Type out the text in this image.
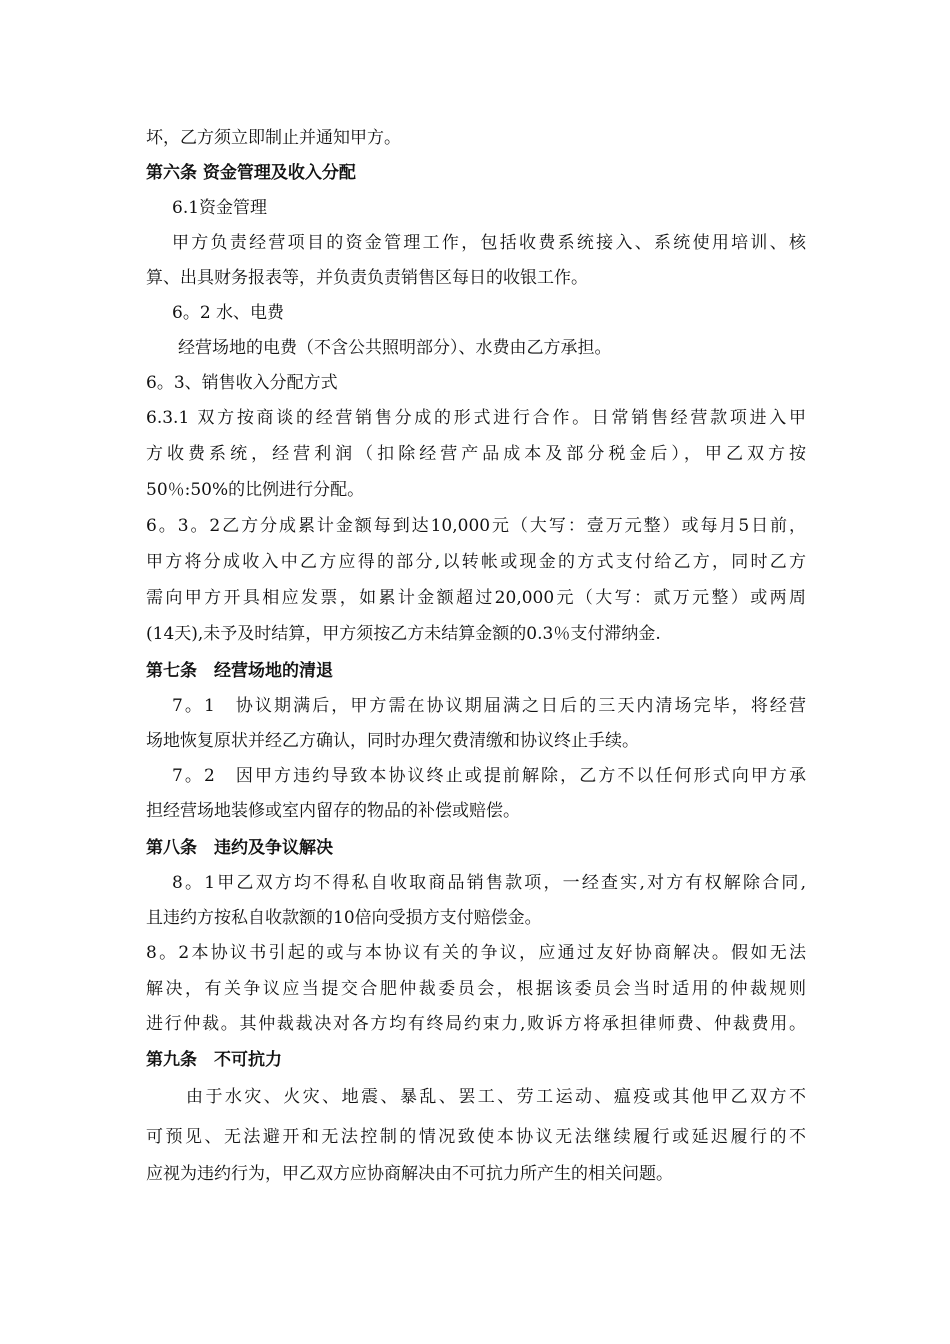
坏，乙方须立即制止并通知甲方。
第六条 资金管理及收入分配
6.1资金管理
甲方负责经营项目的资金管理工作，包括收费系统接入、系统使用培训、核
算、出具财务报表等，并负责负责销售区每日的收银工作。
6。2 水、电费
经营场地的电费（不含公共照明部分）、水费由乙方承担。
6。3、销售收入分配方式
6.3.1 双方按商谈的经营销售分成的形式进行合作。日常销售经营款项进入甲
方收费系统，经营利润（扣除经营产品成本及部分税金后），甲乙双方按
50％:50%的比例进行分配。
6。3。2乙方分成累计金额每到达10,000元（大写：壹万元整）或每月5日前，
甲方将分成收入中乙方应得的部分,以转帐或现金的方式支付给乙方，同时乙方
需向甲方开具相应发票，如累计金额超过20,000元（大写：贰万元整）或两周
(14天),未予及时结算，甲方须按乙方未结算金额的0.3％支付滞纳金.
第七条　经营场地的清退
7。1　协议期满后，甲方需在协议期届满之日后的三天内清场完毕，将经营
场地恢复原状并经乙方确认，同时办理欠费清缴和协议终止手续。
7。2　因甲方违约导致本协议终止或提前解除，乙方不以任何形式向甲方承
担经营场地装修或室内留存的物品的补偿或赔偿。
第八条　违约及争议解决
8。1甲乙双方均不得私自收取商品销售款项，一经查实,对方有权解除合同,
且违约方按私自收款额的10倍向受损方支付赔偿金。
8。2本协议书引起的或与本协议有关的争议，应通过友好协商解决。假如无法
解决，有关争议应当提交合肥仲裁委员会，根据该委员会当时适用的仲裁规则
进行仲裁。其仲裁裁决对各方均有终局约束力,败诉方将承担律师费、仲裁费用。
第九条　不可抗力
由于水灾、火灾、地震、暴乱、罢工、劳工运动、瘟疫或其他甲乙双方不
可预见、无法避开和无法控制的情况致使本协议无法继续履行或延迟履行的不
应视为违约行为，甲乙双方应协商解决由不可抗力所产生的相关问题。
